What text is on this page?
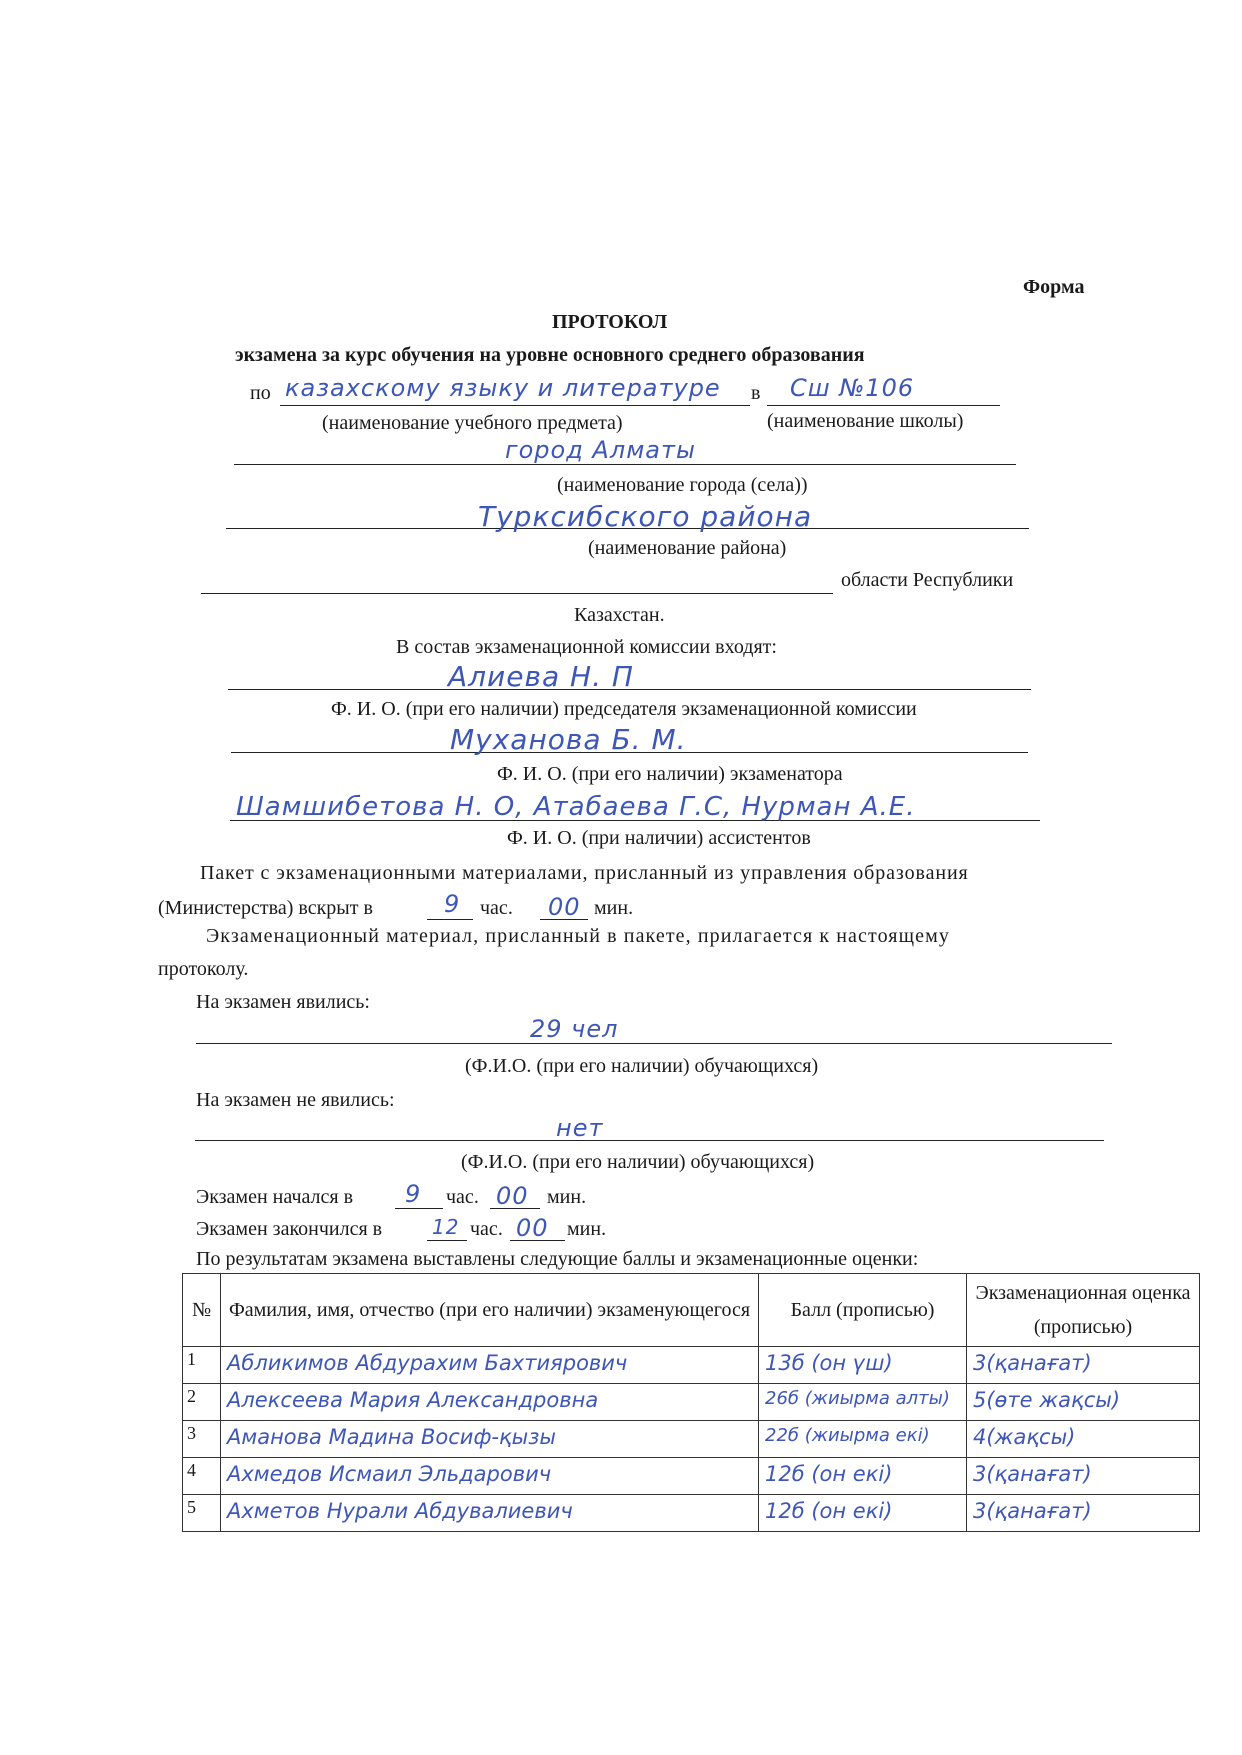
Форма
ПРОТОКОЛ
экзамена за курс обучения на уровне основного среднего образования
по казахскому языку и литературе в Сш №106
(наименование учебного предмета)	(наименование школы)
город Алматы
(наименование города (села))
Турксибского района
(наименование района)
области Республики
Казахстан.
В состав экзаменационной комиссии входят:
Алиева Н. П
Ф. И. О. (при его наличии) председателя экзаменационной комиссии
Муханова Б. М.
Ф. И. О. (при его наличии) экзаменатора
Шамшибетова Н. О, Атабаева Г.С, Нурман А.Е.
Ф. И. О. (при наличии) ассистентов
Пакет с экзаменационными материалами, присланный из управления образования
(Министерства) вскрыт в	9 час. 00 мин.
Экзаменационный материал, присланный в пакете, прилагается к настоящему
протоколу.
На экзамен явились:
29 чел
(Ф.И.О. (при его наличии) обучающихся)
На экзамен не явились:
нет
(Ф.И.О. (при его наличии) обучающихся)
Экзамен начался в 9 час. 00 мин.
Экзамен закончился в 12 час. 00 мин.
По результатам экзамена выставлены следующие баллы и экзаменационные оценки:
№	Фамилия, имя, отчество (при его наличии) экзаменующегося	Балл (прописью)	Экзаменационная оценка (прописью)

1	Абликимов Абдурахим Бахтиярович	13б (он үш)	3(қанағат)

2	Алексеева Мария Александровна	26б (жиырма алты)	5(өте жақсы)

3	Аманова Мадина Восиф-қызы	22б (жиырма екі)	4(жақсы)

4	Ахмедов Исмаил Эльдарович	12б (он екі)	3(қанағат)

5	Ахметов Нурали Абдувалиевич	12б (он екі)	3(қанағат)
